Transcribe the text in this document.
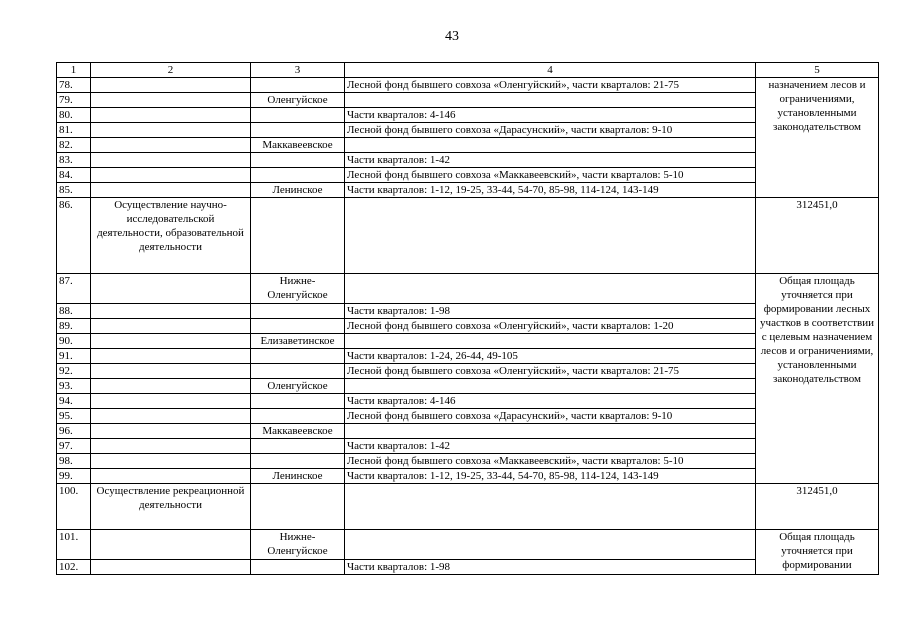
43
1	2	3	4	5
78.			Лесной фонд бывшего совхоза «Оленгуйский», части кварталов: 21-75	назначением лесов и ограничениями, установленными законодательством
79.		Оленгуйское		
80.			Части кварталов: 4-146	
81.			Лесной фонд бывшего совхоза «Дарасунский», части кварталов: 9-10	
82.		Маккавеевское		
83.			Части кварталов: 1-42	
84.			Лесной фонд бывшего совхоза «Маккавеевский», части кварталов: 5-10	
85.		Ленинское	Части кварталов: 1-12, 19-25, 33-44, 54-70, 85-98, 114-124, 143-149	
86.	Осуществление научно-исследовательской деятельности, образовательной деятельности			312451,0
87.		Нижне-Оленгуйское		Общая площадь уточняется при формировании лесных участков в соответствии с целевым назначением лесов и ограничениями, установленными законодательством
88.			Части кварталов: 1-98	
89.			Лесной фонд бывшего совхоза «Оленгуйский», части кварталов: 1-20	
90.		Елизаветинское		
91.			Части кварталов: 1-24, 26-44, 49-105	
92.			Лесной фонд бывшего совхоза «Оленгуйский», части кварталов: 21-75	
93.		Оленгуйское		
94.			Части кварталов: 4-146	
95.			Лесной фонд бывшего совхоза «Дарасунский», части кварталов: 9-10	
96.		Маккавеевское		
97.			Части кварталов: 1-42	
98.			Лесной фонд бывшего совхоза «Маккавеевский», части кварталов: 5-10	
99.		Ленинское	Части кварталов: 1-12, 19-25, 33-44, 54-70, 85-98, 114-124, 143-149	
100.	Осуществление рекреационной деятельности			312451,0
101.		Нижне-Оленгуйское		Общая площадь уточняется при формировании
102.			Части кварталов: 1-98	
